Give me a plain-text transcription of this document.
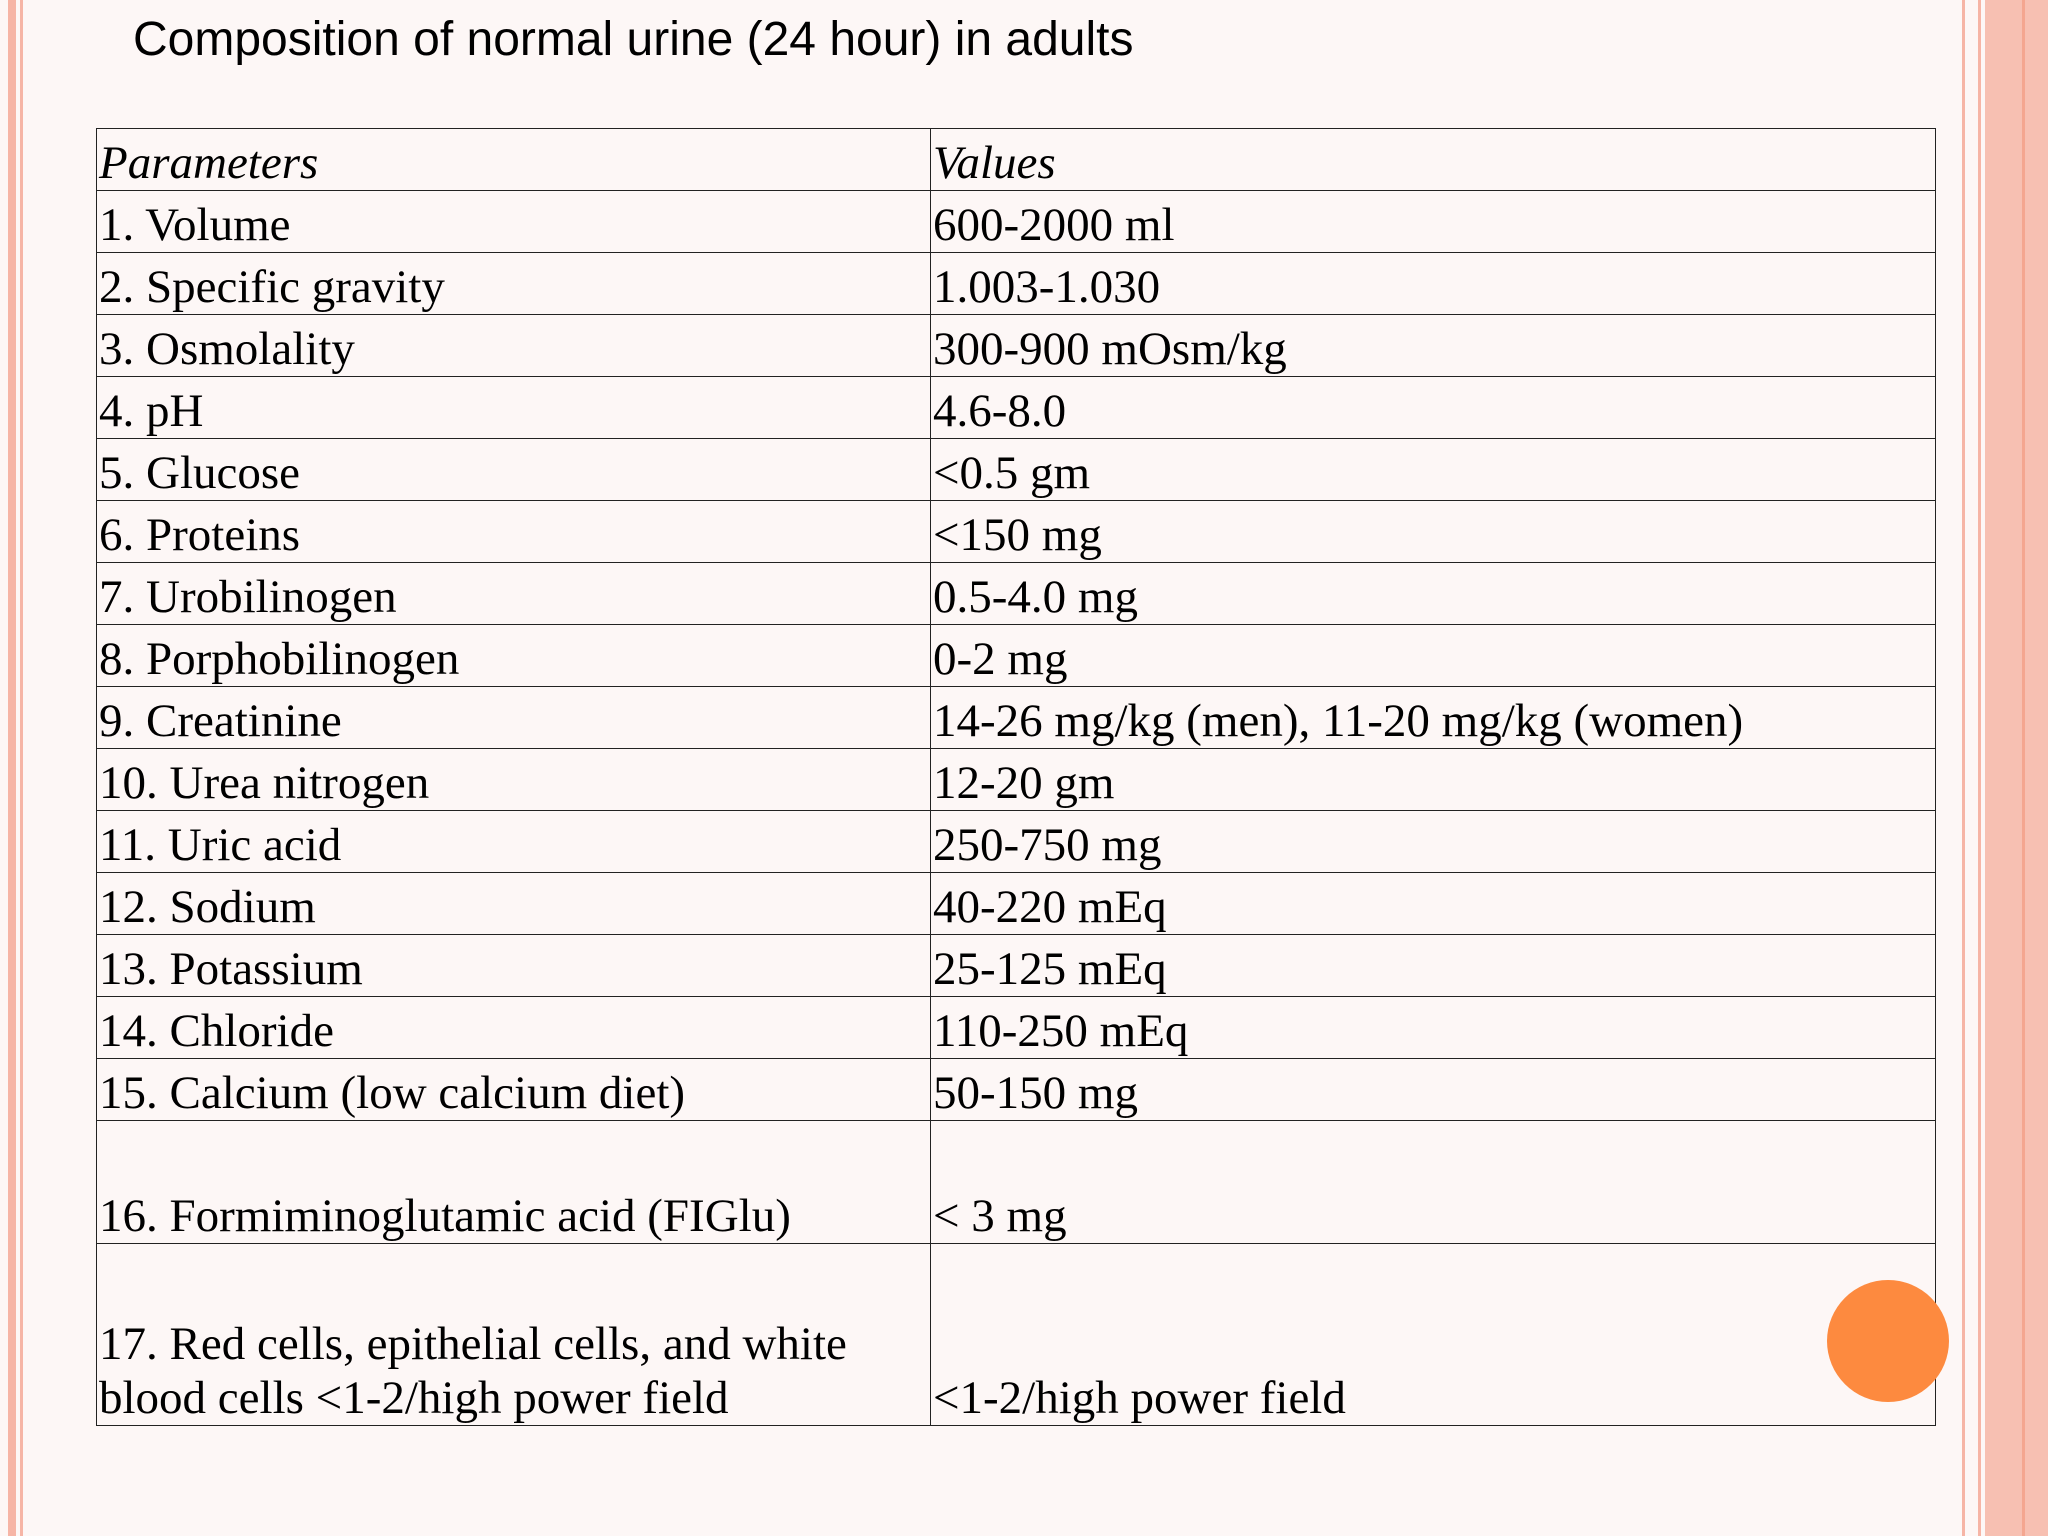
Composition of normal urine (24 hour) in adults
Parameters	Values
1. Volume	600-2000 ml
2. Specific gravity	1.003-1.030
3. Osmolality	300-900 mOsm/kg
4. pH	4.6-8.0
5. Glucose	<0.5 gm
6. Proteins	<150 mg
7. Urobilinogen	0.5-4.0 mg
8. Porphobilinogen	0-2 mg
9. Creatinine	14-26 mg/kg (men), 11-20 mg/kg (women)
10. Urea nitrogen	12-20 gm
11. Uric acid	250-750 mg
12. Sodium	40-220 mEq
13. Potassium	25-125 mEq
14. Chloride	110-250 mEq
15. Calcium (low calcium diet)	50-150 mg
16. Formiminoglutamic acid (FIGlu)	< 3 mg
17. Red cells, epithelial cells, and white blood cells <1-2/high power field	<1-2/high power field
